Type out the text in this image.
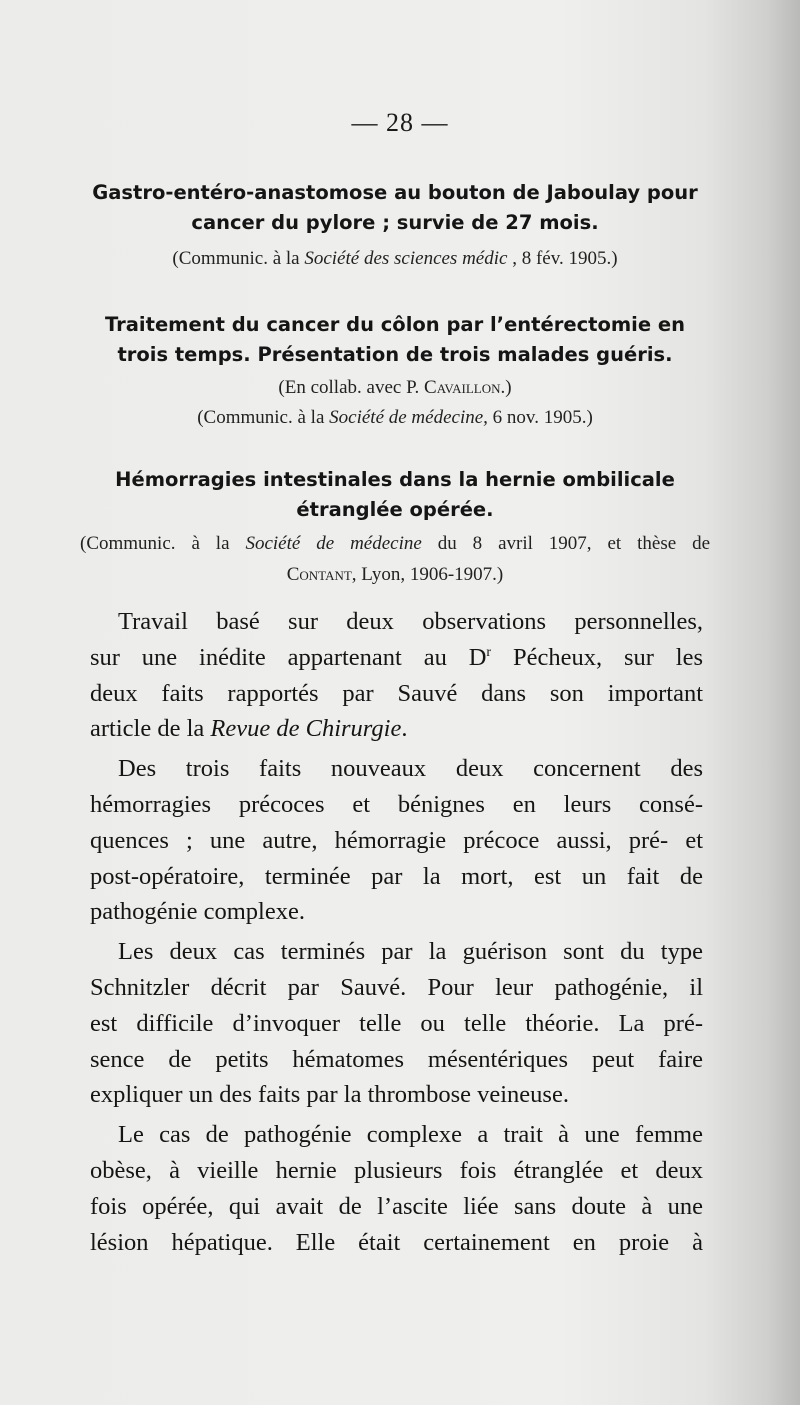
— 28 —
Gastro-entéro-anastomose au bouton de Jaboulay pour
cancer du pylore ; survie de 27 mois.
(Communic. à la Société des sciences médic , 8 fév. 1905.)
Traitement du cancer du côlon par l’entérectomie en
trois temps. Présentation de trois malades guéris.
(En collab. avec P. Cavaillon.)
(Communic. à la Société de médecine, 6 nov. 1905.)
Hémorragies intestinales dans la hernie ombilicale
étranglée opérée.
(Communic. à la Société de médecine du 8 avril 1907, et thèse de
Contant, Lyon, 1906-1907.)
Travail basé sur deux observations personnelles,
sur une inédite appartenant au $D^r$ Pécheux, sur les
deux faits rapportés par Sauvé dans son important
article de la Revue de Chirurgie.
Des trois faits nouveaux deux concernent des
hémorragies précoces et bénignes en leurs consé-
quences ; une autre, hémorragie précoce aussi, pré- et
post-opératoire, terminée par la mort, est un fait de
pathogénie complexe.
Les deux cas terminés par la guérison sont du type
Schnitzler décrit par Sauvé. Pour leur pathogénie, il
est difficile d’invoquer telle ou telle théorie. La pré-
sence de petits hématomes mésentériques peut faire
expliquer un des faits par la thrombose veineuse.
Le cas de pathogénie complexe a trait à une femme
obèse, à vieille hernie plusieurs fois étranglée et deux
fois opérée, qui avait de l’ascite liée sans doute à une
lésion hépatique. Elle était certainement en proie à
